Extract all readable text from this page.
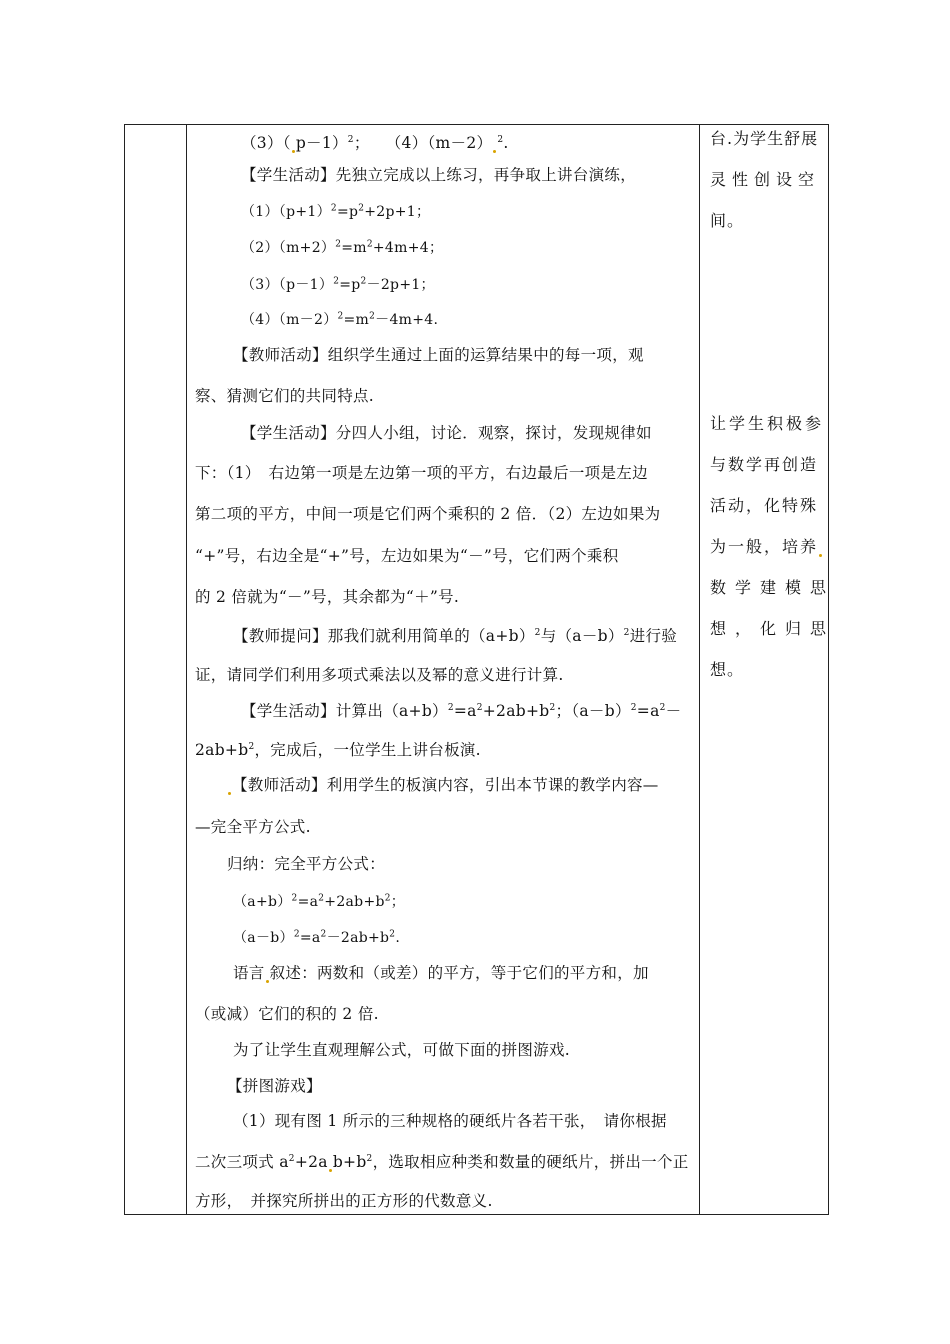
（3）（ p－1）$^2$；　　（4）（m－2） $^2$.
【学生活动】先独立完成以上练习，再争取上讲台演练，
$(1)(p+1)^2=p^2+2p+1$；
$(2)(m+2)^2=m^2+4m+4$；
$(3)(p-1)^2=p^2-2p+1$；
$(4)(m-2)^2=m^2-4m+4$.
【教师活动】组织学生通过上面的运算结果中的每一项，观
察、猜测它们的共同特点.
【学生活动】分四人小组，讨论．观察，探讨，发现规律如
下：（1）　右边第一项是左边第一项的平方，右边最后一项是左边
第二项的平方，中间一项是它们两个乘积的 2 倍．（2）左边如果为
“+”号，右边全是“+”号，左边如果为“－”号，它们两个乘积
的 2 倍就为“－”号，其余都为“＋”号.
【教师提问】那我们就利用简单的$(a+b)^2$与$(a-b)^2$进行验
证，请同学们利用多项式乘法以及幂的意义进行计算.
【学生活动】计算出$(a+b)^2=a^2+2ab+b^2$；$(a-b)^2=a^2-$
$2ab+b^2$，完成后，一位学生上讲台板演.
【教师活动】利用学生的板演内容，引出本节课的教学内容—
—完全平方公式.
归纳：完全平方公式：
$(a+b)^2=a^2+2ab+b^2$；
$(a-b)^2=a^2-2ab+b^2$.
语言 叙述：两数和（或差）的平方，等于它们的平方和，加
（或减）它们的积的 2 倍.
为了让学生直观理解公式，可做下面的拼图游戏.
【拼图游戏】
（1）现有图 1 所示的三种规格的硬纸片各若干张，　请你根据
二次三项式 $a^2+2a$ $b+b^2$，选取相应种类和数量的硬纸片，拼出一个正
方形，　并探究所拼出的正方形的代数意义.

台.为学生舒展
灵性创设空
间。
让学生积极参
与数学再创造
活动，化特殊
为一般，培养
数学建模思
想，化归思
想。
